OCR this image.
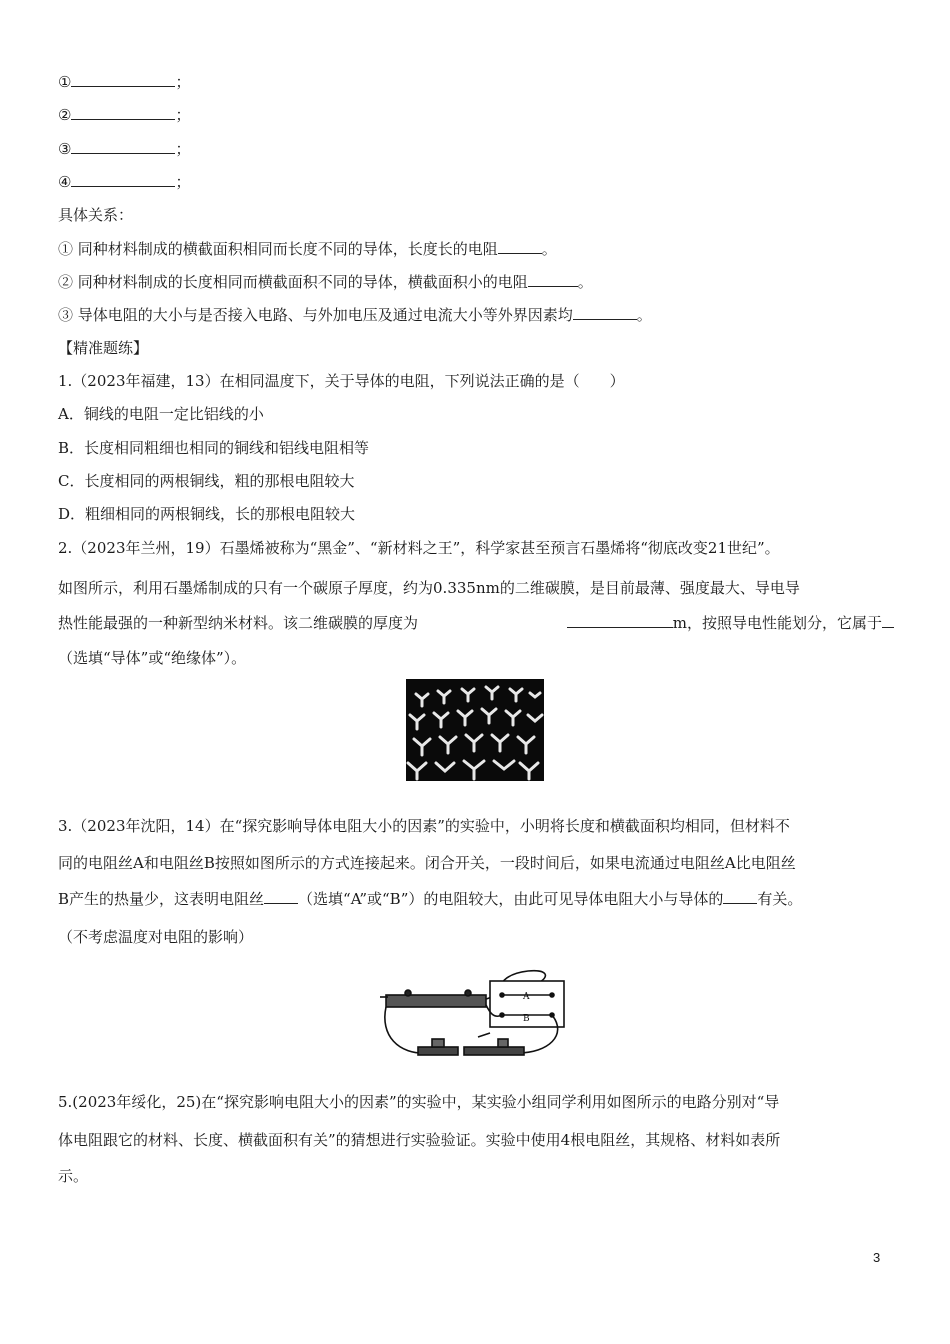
①	；
②	；
③	；
④	；
具体关系：
① 同种材料制成的横截面积相同而长度不同的导体，长度长的电阻	。
② 同种材料制成的长度相同而横截面积不同的导体，横截面积小的电阻	。
③ 导体电阻的大小与是否接入电路、与外加电压及通过电流大小等外界因素均	。
【精准题练】
1.（2023年福建，13）在相同温度下，关于导体的电阻，下列说法正确的是（　　）
A．铜线的电阻一定比铝线的小
B．长度相同粗细也相同的铜线和铝线电阻相等
C．长度相同的两根铜线，粗的那根电阻较大
D．粗细相同的两根铜线，长的那根电阻较大
2.（2023年兰州，19）石墨烯被称为“黑金”、“新材料之王”，科学家甚至预言石墨烯将“彻底改变21世纪”。
如图所示，利用石墨烯制成的只有一个碳原子厚度，约为0.335nm的二维碳膜，是目前最薄、强度最大、导电导
热性能最强的一种新型纳米材料。该二维碳膜的厚度为	m，按照导电性能划分，它属于
（选填“导体”或“绝缘体”）。
3.（2023年沈阳，14）在“探究影响导体电阻大小的因素”的实验中，小明将长度和横截面积均相同，但材料不
同的电阻丝A和电阻丝B按照如图所示的方式连接起来。闭合开关，一段时间后，如果电流通过电阻丝A比电阻丝
B产生的热量少，这表明电阻丝 （选填“A”或“B”）的电阻较大，由此可见导体电阻大小与导体的 有关。
（不考虑温度对电阻的影响）
A
B
5.(2023年绥化，25)在“探究影响电阻大小的因素”的实验中，某实验小组同学利用如图所示的电路分别对“导
体电阻跟它的材料、长度、横截面积有关”的猜想进行实验验证。实验中使用4根电阻丝，其规格、材料如表所
示。
3
